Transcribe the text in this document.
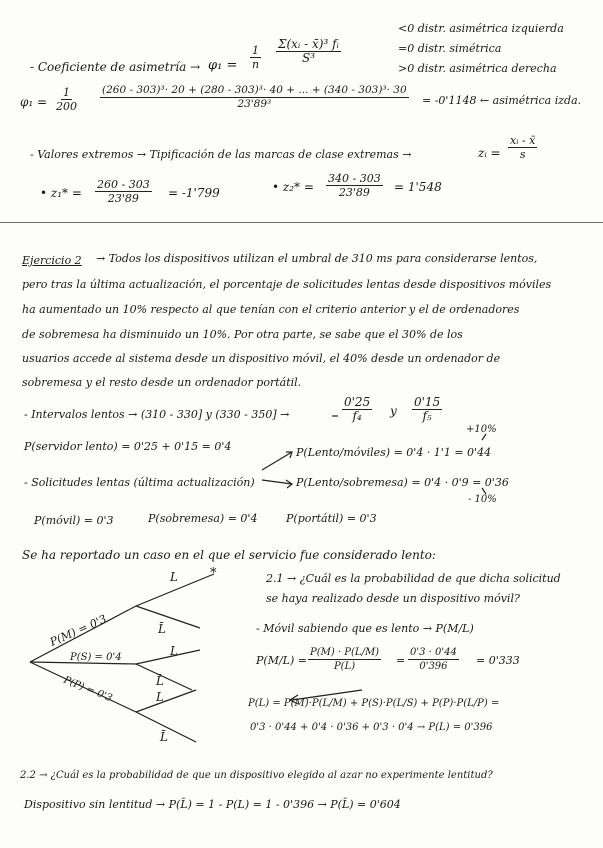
- Coeficiente de asimetría → $\varphi_1 = \frac{1}{n} \frac{\text{Σ(xᵢ - x̄)³ fᵢ}}{\text{S³}}$
<0 distr. asimétrica izquierda
=0 distr. simétrica
>0 distr. asimétrica derecha
$\varphi_1 = \frac{1}{200} \frac{\text{(260 - 303)³· 20 + (280 - 303)³· 40 + ... + (340 - 303)³· 30}}{\text{23'89³}} = -0'1148$ ← asimétrica izda.
- Valores extremos → Tipificación de las marcas de clase extremas →	zᵢ = $\frac{\text{xᵢ - x̄}}{s}$
• $z_1* = \frac{260 - 303}{23'89} = -1'799$	• $z_2* = \frac{340 - 303}{23'89} = 1'548$
Ejercicio 2 → Todos los dispositivos utilizan el umbral de 310 ms para considerarse lentos,
pero tras la última actualización, el porcentaje de solicitudes lentas desde dispositivos móviles
ha aumentado un 10% respecto al que tenían con el criterio anterior y el de ordenadores
de sobremesa ha disminuido un 10%. Por otra parte, se sabe que el 30% de los
usuarios accede al sistema desde un dispositivo móvil, el 40% desde un ordenador de
sobremesa y el resto desde un ordenador portátil.
- Intervalos lentos → (310 - 330] y (330 - 350] →	$\frac{0'25}{\text{f₄}}$ y $\frac{0'15}{\text{f₅}}$
P(servidor lento) = 0'25 + 0'15 = 0'4
+10%
P(Lento/móviles) = 0'4 · 1'1 = 0'44
- Solicitudes lentas (última actualización)	P(Lento/sobremesa) = 0'4 · 0'9 = 0'36
- 10%
P(móvil) = 0'3	P(sobremesa) = 0'4	P(portátil) = 0'3
Se ha reportado un caso en el que el servicio fue considerado lento:
P(M) = 0'3
P(S) = 0'4
P(P) = 0'3
L *
L̄
L
L̄
L
L̄
2.1 → ¿Cuál es la probabilidad de que dicha solicitud
se haya realizado desde un dispositivo móvil?
- Móvil sabiendo que es lento → P(M/L)
$P(M/L) = \frac{P(M) \cdot P(L/M)}{P(L)} = \frac{0'3 \cdot 0'44}{0'396} = 0'333$
P(L) = P(M)·P(L/M) + P(S)·P(L/S) + P(P)·P(L/P) =
0'3 · 0'44 + 0'4 · 0'36 + 0'3 · 0'4 → P(L) = 0'396
2.2 → ¿Cuál es la probabilidad de que un dispositivo elegido al azar no experimente lentitud?
Dispositivo sin lentitud → P(L̄) = 1 - P(L) = 1 - 0'396 → P(L̄) = 0'604
